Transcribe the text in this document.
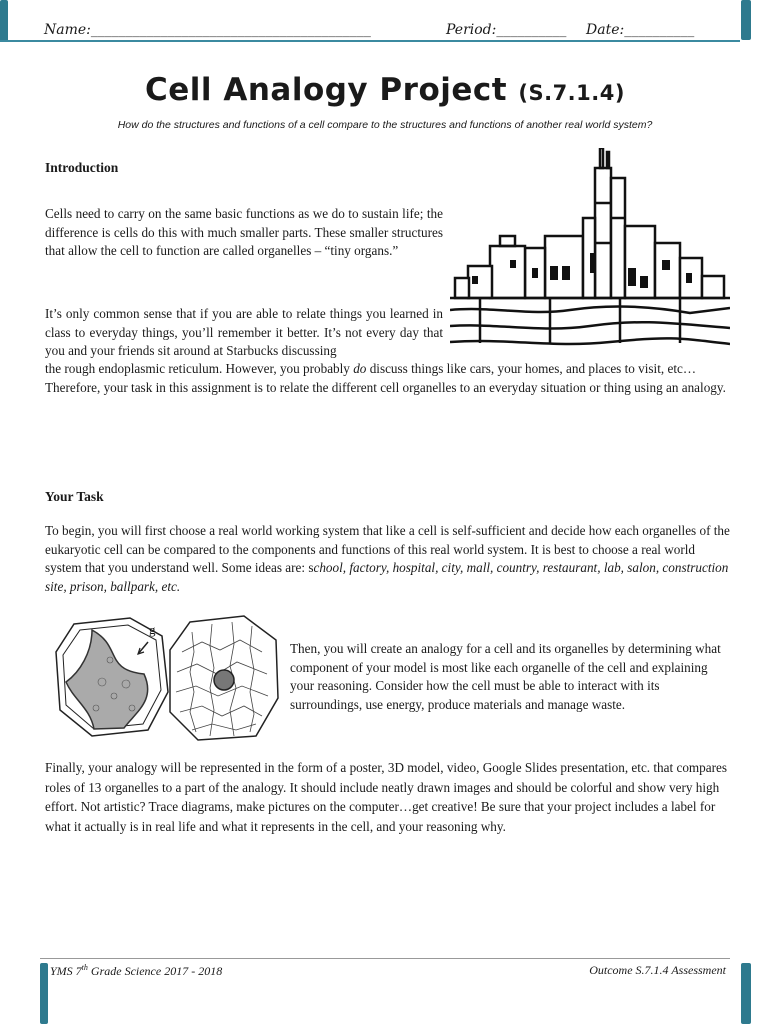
Name:________________________________________	Period:__________ Date:__________
Cell Analogy Project (S.7.1.4)
How do the structures and functions of a cell compare to the structures and functions of another real world system?
Introduction

Cells need to carry on the same basic functions as we do to sustain life; the difference is cells do this with much smaller parts. These smaller structures that allow the cell to function are called organelles – “tiny organs.”

It’s only common sense that if you are able to relate things you learned in class to everyday things, you’ll remember it better. It’s not every day that you and your friends sit around at Starbucks discussing

the rough endoplasmic reticulum. However, you probably do discuss things like cars, your homes, and places to visit, etc… Therefore, your task in this assignment is to relate the different cell organelles to an everyday situation or thing using an analogy.

Your Task

To begin, you will first choose a real world working system that like a cell is self-sufficient and decide how each organelles of the eukaryotic cell can be compared to the components and functions of this real world system. It is best to choose a real world system that you understand well. Some ideas are: school, factory, hospital, city, mall, country, restaurant, lab, salon, construction site, prison, ballpark, etc.

g

Then, you will create an analogy for a cell and its organelles by determining what component of your model is most like each organelle of the cell and explaining your reasoning. Consider how the cell must be able to interact with its surroundings, use energy, produce materials and manage waste.

Finally, your analogy will be represented in the form of a poster, 3D model, video, Google Slides presentation, etc. that compares roles of 13 organelles to a part of the analogy. It should include neatly drawn images and should be colorful and show very high effort. Not artistic? Trace diagrams, make pictures on the computer…get creative! Be sure that your project includes a label for what it actually is in real life and what it represents in the cell, and your reasoning why.

YMS 7th Grade Science 2017 - 2018	Outcome S.7.1.4 Assessment
